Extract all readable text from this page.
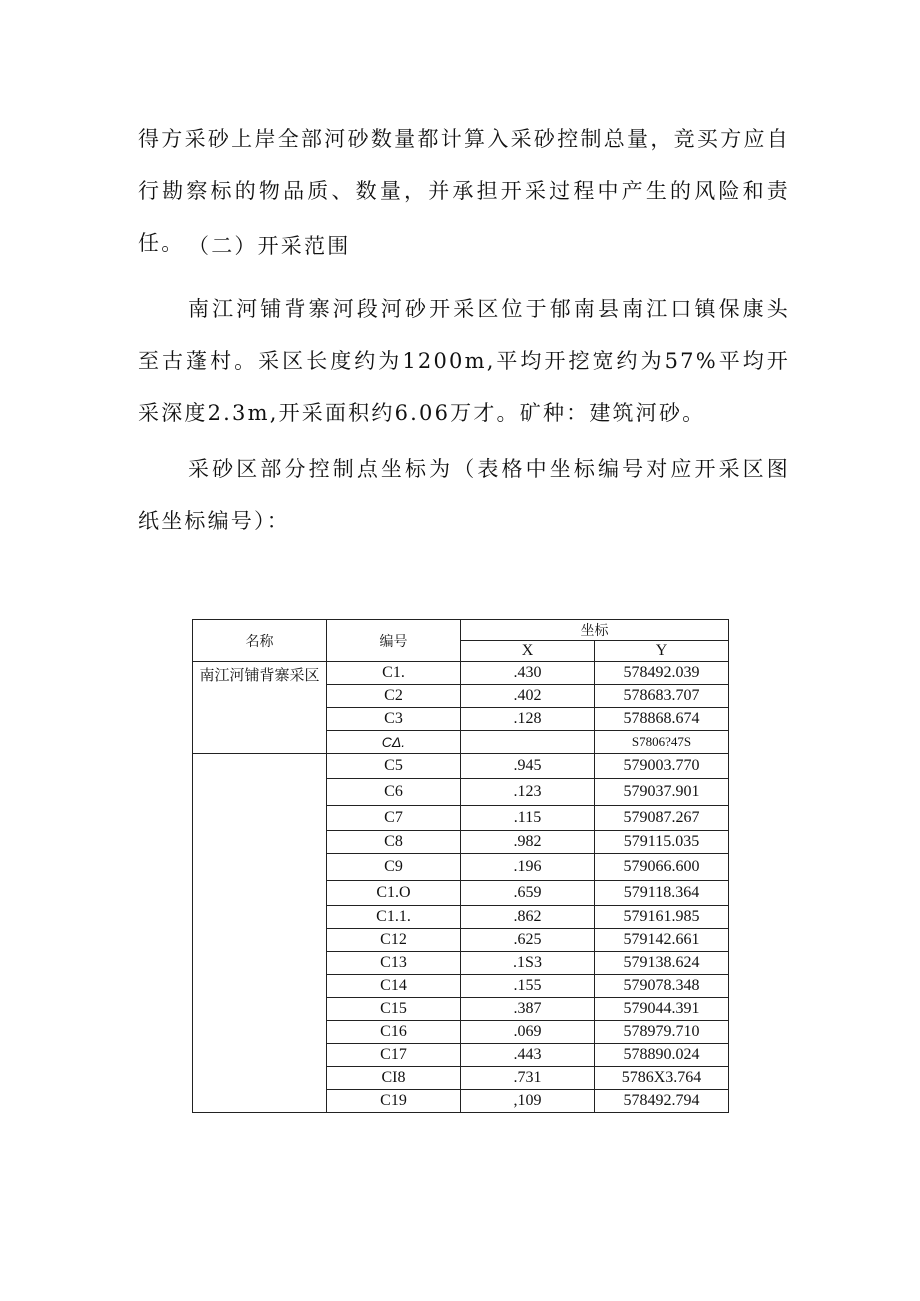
得方采砂上岸全部河砂数量都计算入采砂控制总量，竞买方应自行勘察标的物品质、数量，并承担开采过程中产生的风险和责任。 （二）开采范围

南江河铺背寨河段河砂开采区位于郁南县南江口镇保康头至古蓬村。采区长度约为1200m,平均开挖宽约为57%平均开采深度2.3m,开采面积约6.06万才。矿种：建筑河砂。

采砂区部分控制点坐标为（表格中坐标编号对应开采区图纸坐标编号）：

名称	编号	坐标	
		X	Y
南江河铺背寨采区	C1.	.430	578492.039
	C2	.402	578683.707
	C3	.128	578868.674
	CΔ.		S7806?47S
	C5	.945	579003.770
	C6	.123	579037.901
	C7	.115	579087.267
	C8	.982	579115.035
	C9	.196	579066.600
	C1.O	.659	579118.364
	C1.1.	.862	579161.985
	C12	.625	579142.661
	C13	.1S3	579138.624
	C14	.155	579078.348
	C15	.387	579044.391
	C16	.069	578979.710
	C17	.443	578890.024
	CI8	.731	5786X3.764
	C19	,109	578492.794
